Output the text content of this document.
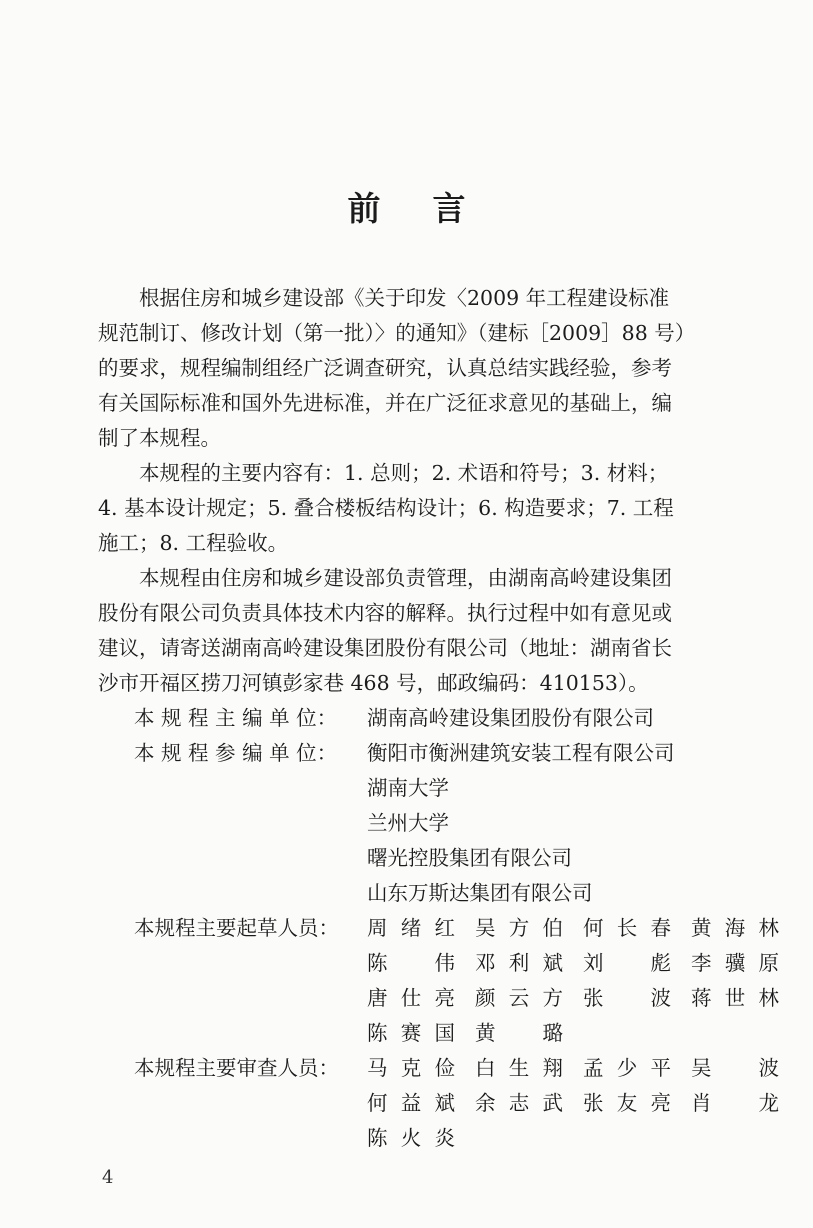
前 言
根据住房和城乡建设部《关于印发〈2009 年工程建设标准
规范制订、修改计划（第一批）〉的通知》（建标［2009］88 号）
的要求，规程编制组经广泛调查研究，认真总结实践经验，参考
有关国际标准和国外先进标准，并在广泛征求意见的基础上，编
制了本规程。
本规程的主要内容有：1. 总则；2. 术语和符号；3. 材料；
4. 基本设计规定；5. 叠合楼板结构设计；6. 构造要求；7. 工程
施工；8. 工程验收。
本规程由住房和城乡建设部负责管理，由湖南高岭建设集团
股份有限公司负责具体技术内容的解释。执行过程中如有意见或
建议，请寄送湖南高岭建设集团股份有限公司（地址：湖南省长
沙市开福区捞刀河镇彭家巷 468 号，邮政编码：410153）。
本 规 程 主 编 单 位： 湖南高岭建设集团股份有限公司
本 规 程 参 编 单 位： 衡阳市衡洲建筑安装工程有限公司
湖南大学
兰州大学
曙光控股集团有限公司
山东万斯达集团有限公司
本规程主要起草人员： 周绪红 吴方伯 何长春 黄海林
陈　伟 邓利斌 刘　彪 李骥原
唐仕亮 颜云方 张　波 蒋世林
陈赛国 黄　璐
本规程主要审查人员： 马克俭 白生翔 孟少平 吴　波
何益斌 余志武 张友亮 肖　龙
陈火炎
4
